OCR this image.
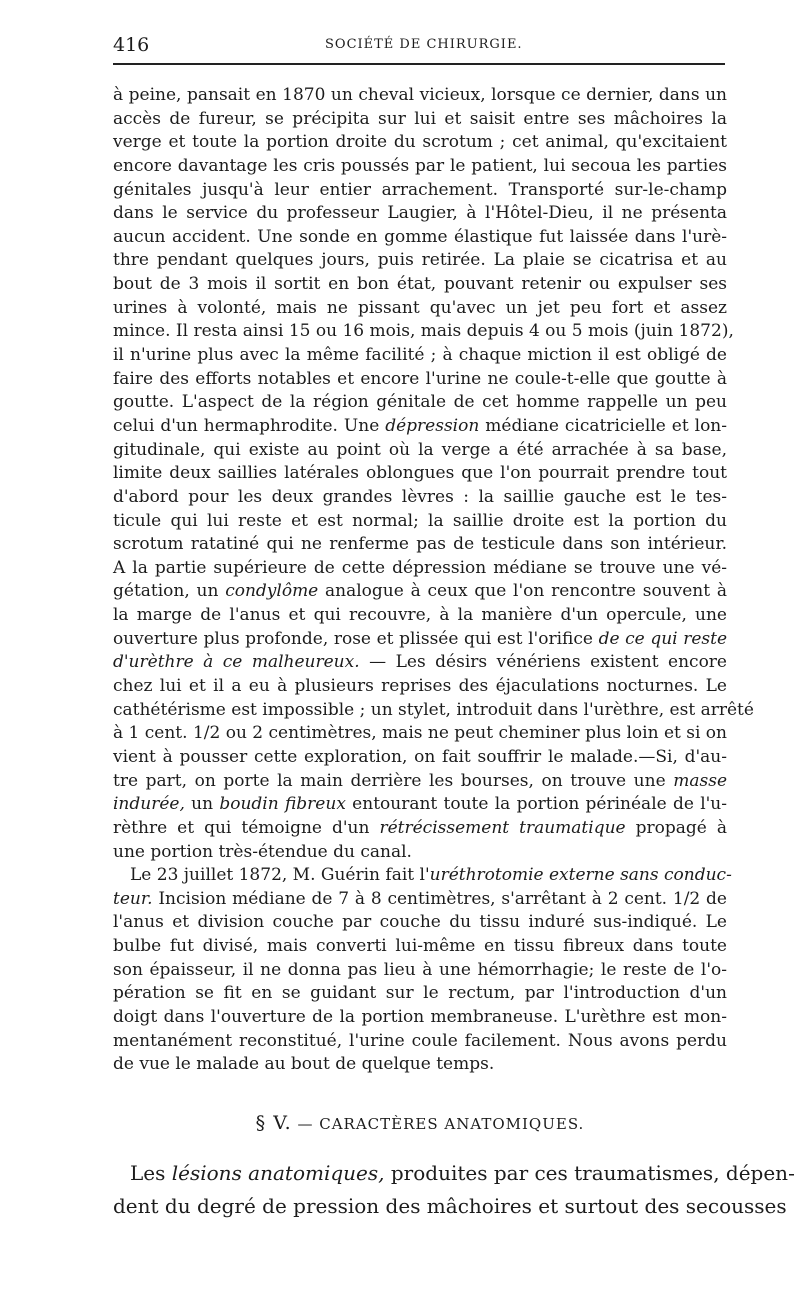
416	SOCIÉTÉ DE CHIRURGIE.
à peine, pansait en 1870 un cheval vicieux, lorsque ce dernier, dans un
accès de fureur, se précipita sur lui et saisit entre ses mâchoires la
verge et toute la portion droite du scrotum ; cet animal, qu'excitaient
encore davantage les cris poussés par le patient, lui secoua les parties
génitales jusqu'à leur entier arrachement. Transporté sur-le-champ
dans le service du professeur Laugier, à l'Hôtel-Dieu, il ne présenta
aucun accident. Une sonde en gomme élastique fut laissée dans l'urè-
thre pendant quelques jours, puis retirée. La plaie se cicatrisa et au
bout de 3 mois il sortit en bon état, pouvant retenir ou expulser ses
urines à volonté, mais ne pissant qu'avec un jet peu fort et assez
mince. Il resta ainsi 15 ou 16 mois, mais depuis 4 ou 5 mois (juin 1872),
il n'urine plus avec la même facilité ; à chaque miction il est obligé de
faire des efforts notables et encore l'urine ne coule-t-elle que goutte à
goutte. L'aspect de la région génitale de cet homme rappelle un peu
celui d'un hermaphrodite. Une dépression médiane cicatricielle et lon-
gitudinale, qui existe au point où la verge a été arrachée à sa base,
limite deux saillies latérales oblongues que l'on pourrait prendre tout
d'abord pour les deux grandes lèvres : la saillie gauche est le tes-
ticule qui lui reste et est normal; la saillie droite est la portion du
scrotum ratatiné qui ne renferme pas de testicule dans son intérieur.
A la partie supérieure de cette dépression médiane se trouve une vé-
gétation, un condylôme analogue à ceux que l'on rencontre souvent à
la marge de l'anus et qui recouvre, à la manière d'un opercule, une
ouverture plus profonde, rose et plissée qui est l'orifice de ce qui reste
d'urèthre à ce malheureux. — Les désirs vénériens existent encore
chez lui et il a eu à plusieurs reprises des éjaculations nocturnes. Le
cathétérisme est impossible ; un stylet, introduit dans l'urèthre, est arrêté
à 1 cent. 1/2 ou 2 centimètres, mais ne peut cheminer plus loin et si on
vient à pousser cette exploration, on fait souffrir le malade.—Si, d'au-
tre part, on porte la main derrière les bourses, on trouve une masse
indurée, un boudin fibreux entourant toute la portion périnéale de l'u-
rèthre et qui témoigne d'un rétrécissement traumatique propagé à
une portion très-étendue du canal.
Le 23 juillet 1872, M. Guérin fait l'uréthrotomie externe sans conduc-
teur. Incision médiane de 7 à 8 centimètres, s'arrêtant à 2 cent. 1/2 de
l'anus et division couche par couche du tissu induré sus-indiqué. Le
bulbe fut divisé, mais converti lui-même en tissu fibreux dans toute
son épaisseur, il ne donna pas lieu à une hémorrhagie; le reste de l'o-
pération se fit en se guidant sur le rectum, par l'introduction d'un
doigt dans l'ouverture de la portion membraneuse. L'urèthre est mon-
mentanément reconstitué, l'urine coule facilement. Nous avons perdu
de vue le malade au bout de quelque temps.
§ V. — CARACTÈRES ANATOMIQUES.
Les lésions anatomiques, produites par ces traumatismes, dépen-
dent du degré de pression des mâchoires et surtout des secousses
